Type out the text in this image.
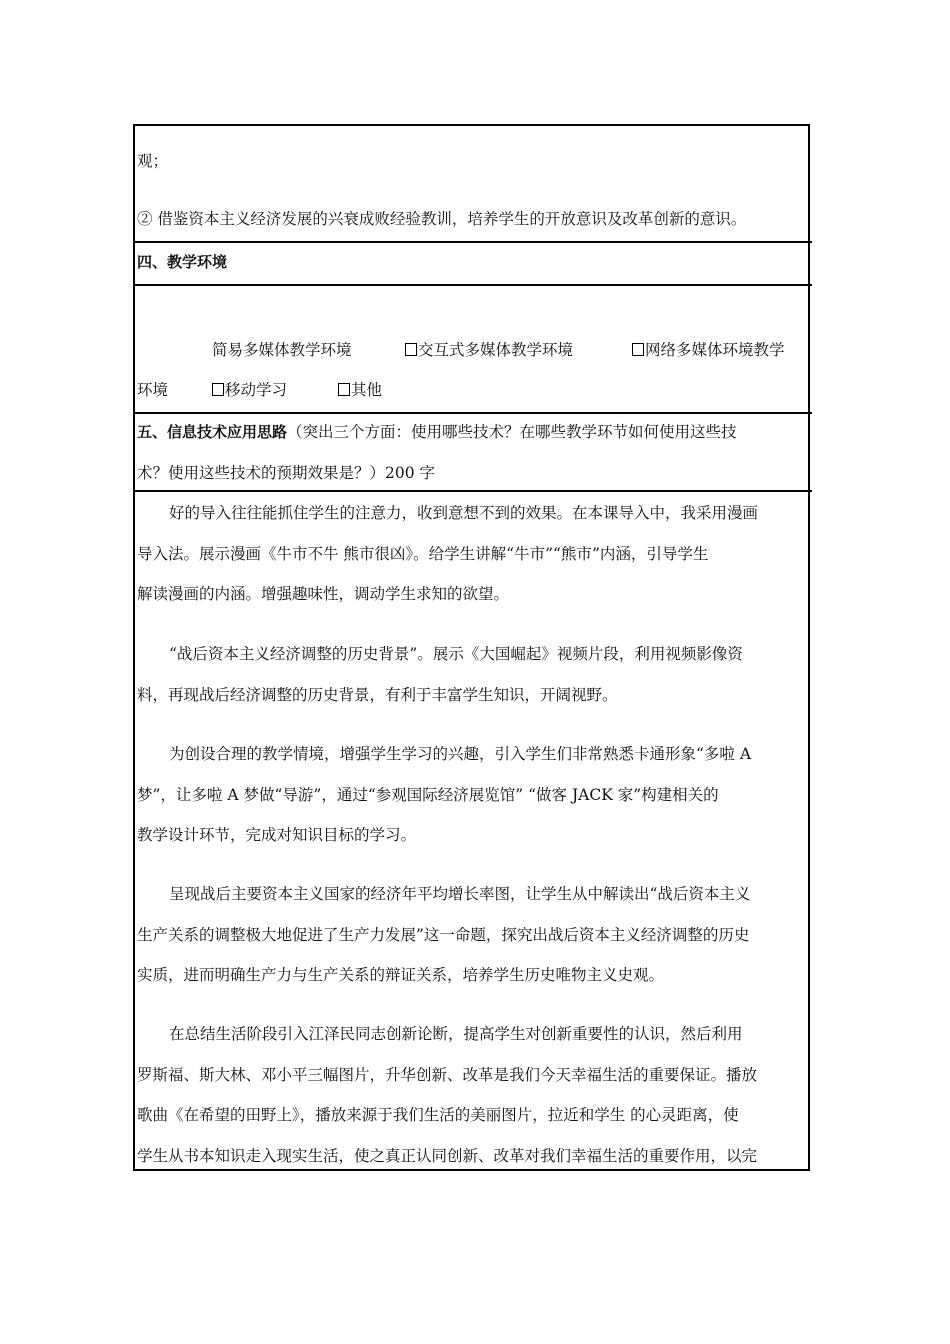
观；
② 借鉴资本主义经济发展的兴衰成败经验教训，培养学生的开放意识及改革创新的意识。
四、教学环境
简易多媒体教学环境	交互式多媒体教学环境	网络多媒体环境教学
环境	移动学习	其他
五、信息技术应用思路（突出三个方面：使用哪些技术？在哪些教学环节如何使用这些技
术？使用这些技术的预期效果是？）200 字
好的导入往往能抓住学生的注意力，收到意想不到的效果。在本课导入中，我采用漫画
导入法。展示漫画《牛市不牛 熊市很凶》。给学生讲解“牛市”“熊市”内涵，引导学生
解读漫画的内涵。增强趣味性，调动学生求知的欲望。
“战后资本主义经济调整的历史背景”。展示《大国崛起》视频片段，利用视频影像资
料，再现战后经济调整的历史背景，有利于丰富学生知识，开阔视野。
为创设合理的教学情境，增强学生学习的兴趣，引入学生们非常熟悉卡通形象“多啦 A
梦”，让多啦 A 梦做“导游”，通过“参观国际经济展览馆” “做客 JACK 家”构建相关的
教学设计环节，完成对知识目标的学习。
呈现战后主要资本主义国家的经济年平均增长率图，让学生从中解读出“战后资本主义
生产关系的调整极大地促进了生产力发展”这一命题，探究出战后资本主义经济调整的历史
实质，进而明确生产力与生产关系的辩证关系，培养学生历史唯物主义史观。
在总结生活阶段引入江泽民同志创新论断，提高学生对创新重要性的认识，然后利用
罗斯福、斯大林、邓小平三幅图片，升华创新、改革是我们今天幸福生活的重要保证。播放
歌曲《在希望的田野上》，播放来源于我们生活的美丽图片，拉近和学生 的心灵距离，使
学生从书本知识走入现实生活，使之真正认同创新、改革对我们幸福生活的重要作用，以完
